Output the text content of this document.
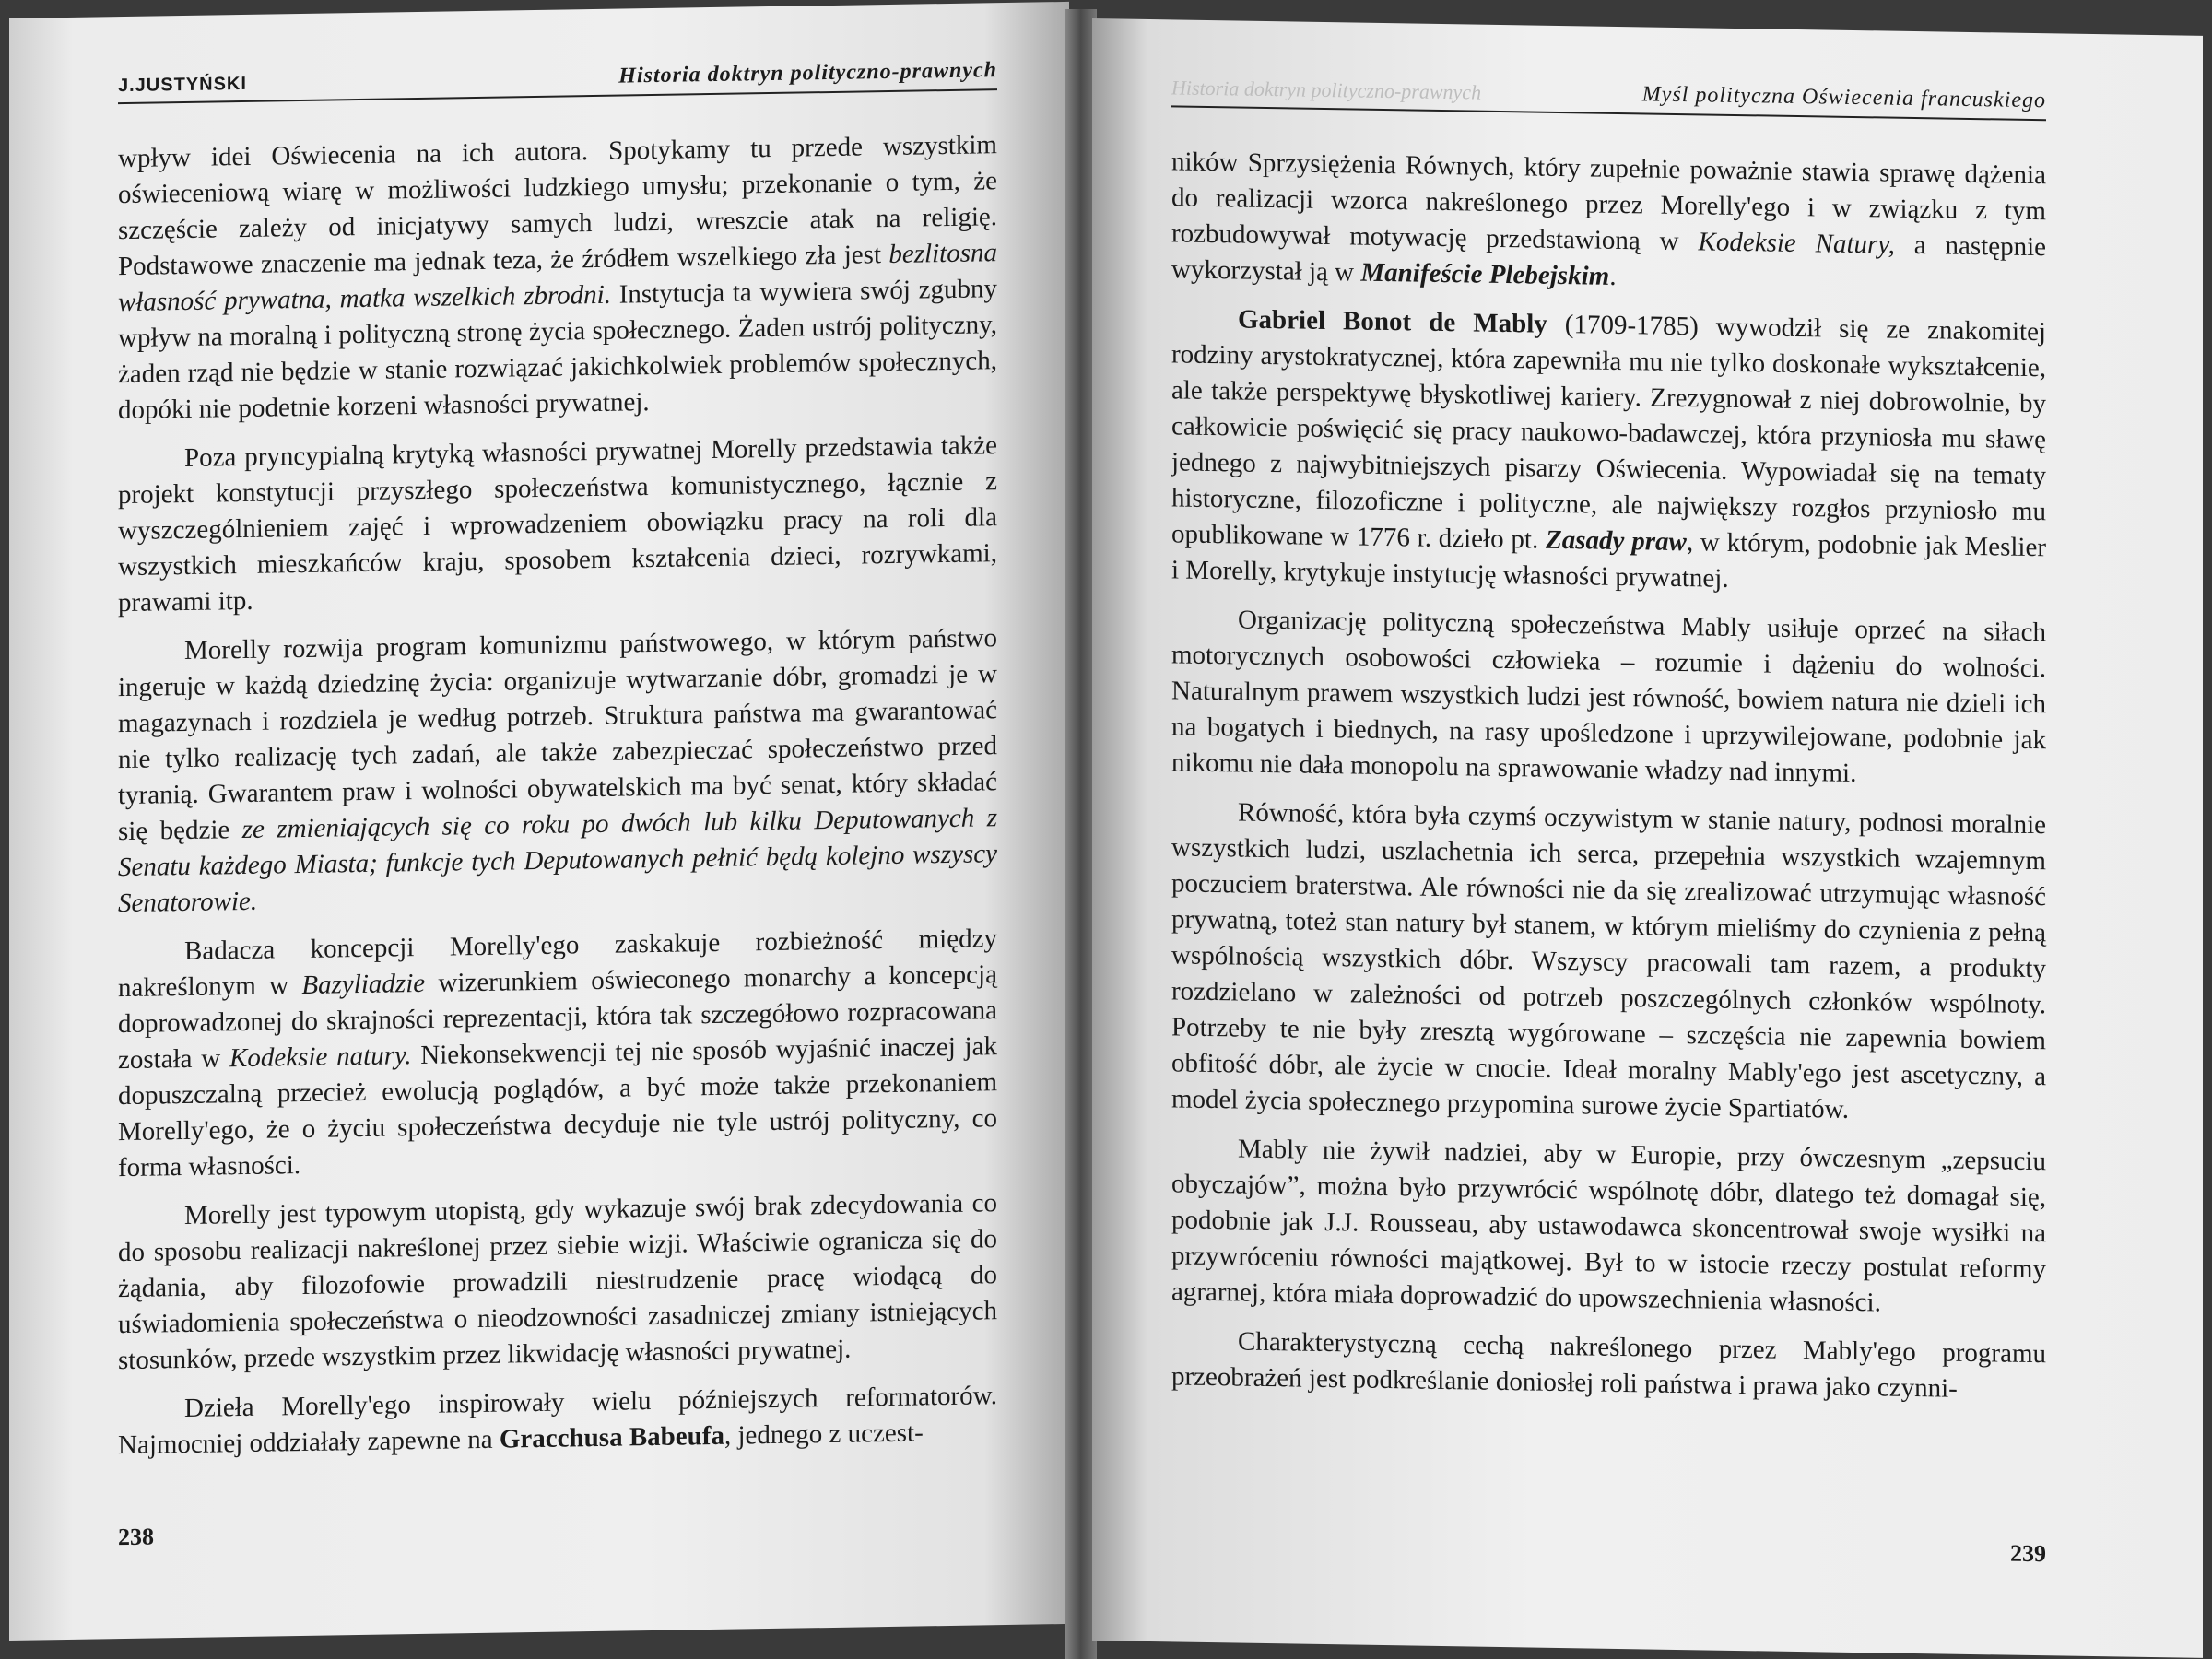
J.JUSTYŃSKI	Historia doktryn polityczno-prawnych

wpływ idei Oświecenia na ich autora. Spotykamy tu przede wszystkim oświeceniową wiarę w możliwości ludzkiego umysłu; przekonanie o tym, że szczęście zależy od inicjatywy samych ludzi, wreszcie atak na religię. Podstawowe znaczenie ma jednak teza, że źródłem wszelkiego zła jest bezlitosna własność prywatna, matka wszelkich zbrodni. Instytucja ta wywiera swój zgubny wpływ na moralną i polityczną stronę życia społecznego. Żaden ustrój polityczny, żaden rząd nie będzie w stanie rozwiązać jakichkolwiek problemów społecznych, dopóki nie podetnie korzeni własności prywatnej.

Poza pryncypialną krytyką własności prywatnej Morelly przedstawia także projekt konstytucji przyszłego społeczeństwa komunistycznego, łącznie z wyszczególnieniem zajęć i wprowadzeniem obowiązku pracy na roli dla wszystkich mieszkańców kraju, sposobem kształcenia dzieci, rozrywkami, prawami itp.

Morelly rozwija program komunizmu państwowego, w którym państwo ingeruje w każdą dziedzinę życia: organizuje wytwarzanie dóbr, gromadzi je w magazynach i rozdziela je według potrzeb. Struktura państwa ma gwarantować nie tylko realizację tych zadań, ale także zabezpieczać społeczeństwo przed tyranią. Gwarantem praw i wolności obywatelskich ma być senat, który składać się będzie ze zmieniających się co roku po dwóch lub kilku Deputowanych z Senatu każdego Miasta; funkcje tych Deputowanych pełnić będą kolejno wszyscy Senatorowie.

Badacza koncepcji Morelly'ego zaskakuje rozbieżność między nakreślonym w Bazyliadzie wizerunkiem oświeconego monarchy a koncepcją doprowadzonej do skrajności reprezentacji, która tak szczegółowo rozpracowana została w Kodeksie natury. Niekonsekwencji tej nie sposób wyjaśnić inaczej jak dopuszczalną przecież ewolucją poglądów, a być może także przekonaniem Morelly'ego, że o życiu społeczeństwa decyduje nie tyle ustrój polityczny, co forma własności.

Morelly jest typowym utopistą, gdy wykazuje swój brak zdecydowania co do sposobu realizacji nakreślonej przez siebie wizji. Właściwie ogranicza się do żądania, aby filozofowie prowadzili niestrudzenie pracę wiodącą do uświadomienia społeczeństwa o nieodzowności zasadniczej zmiany istniejących stosunków, przede wszystkim przez likwidację własności prywatnej.

Dzieła Morelly'ego inspirowały wielu późniejszych reformatorów. Najmocniej oddziałały zapewne na Gracchusa Babeufa, jednego z uczest-

238
Historia doktryn polityczno-prawnych	Myśl polityczna Oświecenia francuskiego

ników Sprzysiężenia Równych, który zupełnie poważnie stawia sprawę dążenia do realizacji wzorca nakreślonego przez Morelly'ego i w związku z tym rozbudowywał motywację przedstawioną w Kodeksie Natury, a następnie wykorzystał ją w Manifeście Plebejskim.

Gabriel Bonot de Mably (1709-1785) wywodził się ze znakomitej rodziny arystokratycznej, która zapewniła mu nie tylko doskonałe wykształcenie, ale także perspektywę błyskotliwej kariery. Zrezygnował z niej dobrowolnie, by całkowicie poświęcić się pracy naukowo-badawczej, która przyniosła mu sławę jednego z najwybitniejszych pisarzy Oświecenia. Wypowiadał się na tematy historyczne, filozoficzne i polityczne, ale największy rozgłos przyniosło mu opublikowane w 1776 r. dzieło pt. Zasady praw, w którym, podobnie jak Meslier i Morelly, krytykuje instytucję własności prywatnej.

Organizację polityczną społeczeństwa Mably usiłuje oprzeć na siłach motorycznych osobowości człowieka – rozumie i dążeniu do wolności. Naturalnym prawem wszystkich ludzi jest równość, bowiem natura nie dzieli ich na bogatych i biednych, na rasy upośledzone i uprzywilejowane, podobnie jak nikomu nie dała monopolu na sprawowanie władzy nad innymi.

Równość, która była czymś oczywistym w stanie natury, podnosi moralnie wszystkich ludzi, uszlachetnia ich serca, przepełnia wszystkich wzajemnym poczuciem braterstwa. Ale równości nie da się zrealizować utrzymując własność prywatną, toteż stan natury był stanem, w którym mieliśmy do czynienia z pełną wspólnością wszystkich dóbr. Wszyscy pracowali tam razem, a produkty rozdzielano w zależności od potrzeb poszczególnych członków wspólnoty. Potrzeby te nie były zresztą wygórowane – szczęścia nie zapewnia bowiem obfitość dóbr, ale życie w cnocie. Ideał moralny Mably'ego jest ascetyczny, a model życia społecznego przypomina surowe życie Spartiatów.

Mably nie żywił nadziei, aby w Europie, przy ówczesnym „zepsuciu obyczajów”, można było przywrócić wspólnotę dóbr, dlatego też domagał się, podobnie jak J.J. Rousseau, aby ustawodawca skoncentrował swoje wysiłki na przywróceniu równości majątkowej. Był to w istocie rzeczy postulat reformy agrarnej, która miała doprowadzić do upowszechnienia własności.

Charakterystyczną cechą nakreślonego przez Mably'ego programu przeobrażeń jest podkreślanie doniosłej roli państwa i prawa jako czynni-

239
